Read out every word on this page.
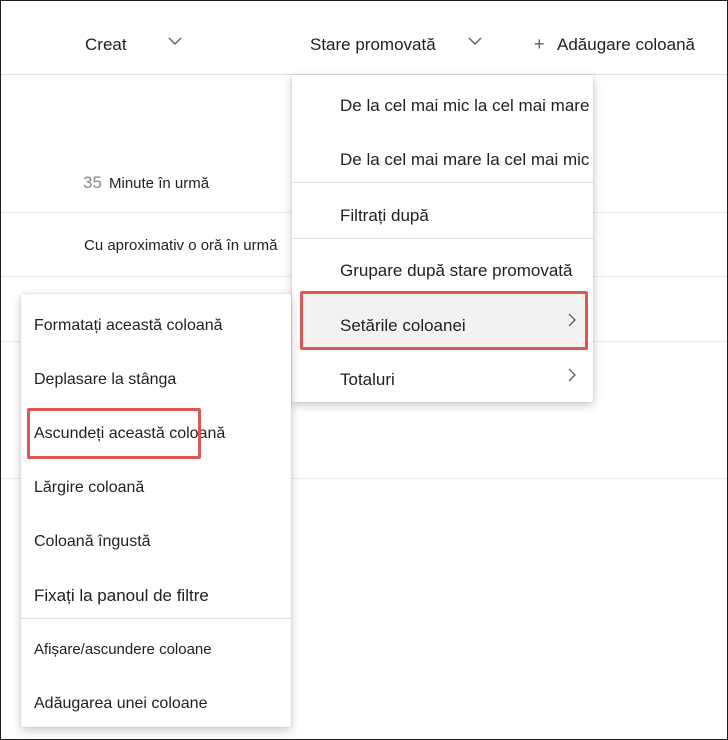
Creat	Stare promovată	+ Adăugare coloană
35 Minute în urmă
Cu aproximativ o oră în urmă
De la cel mai mic la cel mai mare
De la cel mai mare la cel mai mic
Filtrați după
Grupare după stare promovată
Setările coloanei
Totaluri
Formatați această coloană
Deplasare la stânga
Ascundeți această coloană
Lărgire coloană
Coloană îngustă
Fixați la panoul de filtre
Afișare/ascundere coloane
Adăugarea unei coloane
